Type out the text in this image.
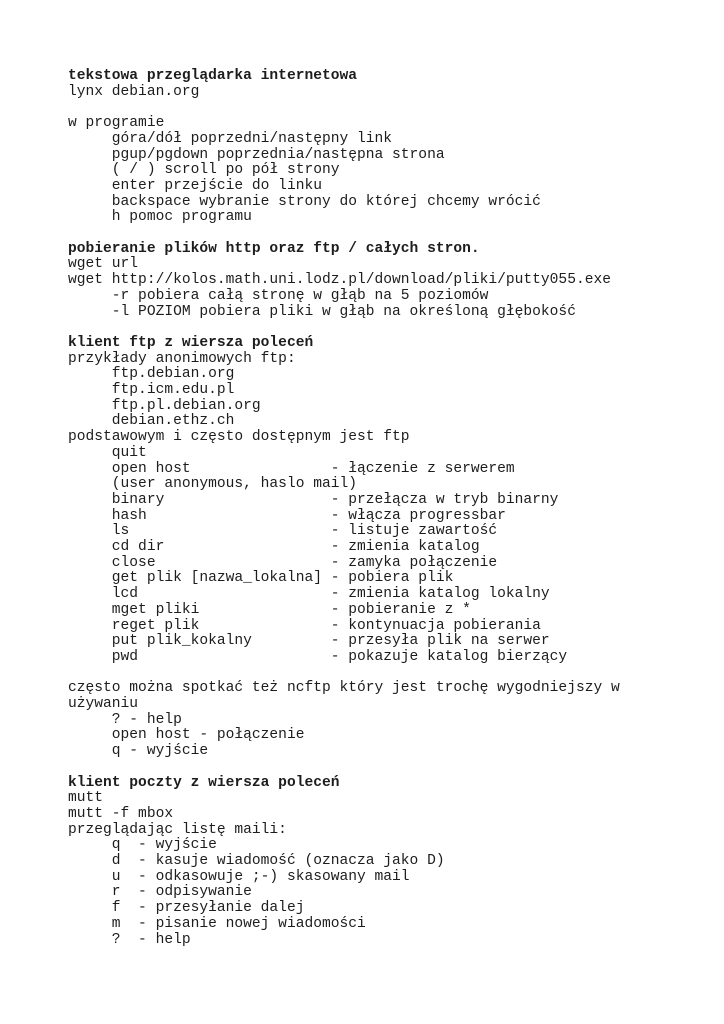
tekstowa przeglądarka internetowa
lynx debian.org
w programie
góra/dół poprzedni/następny link
pgup/pgdown poprzednia/następna strona
( / ) scroll po pół strony
enter przejście do linku
backspace wybranie strony do której chcemy wrócić
h pomoc programu
pobieranie plików http oraz ftp / całych stron.
wget url
wget http://kolos.math.uni.lodz.pl/download/pliki/putty055.exe
-r pobiera całą stronę w głąb na 5 poziomów
-l POZIOM pobiera pliki w głąb na określoną głębokość
klient ftp z wiersza poleceń
przykłady anonimowych ftp:
ftp.debian.org
ftp.icm.edu.pl
ftp.pl.debian.org
debian.ethz.ch
podstawowym i często dostępnym jest ftp
quit
open host                - łączenie z serwerem
(user anonymous, haslo mail)
binary                   - przełącza w tryb binarny
hash                     - włącza progressbar
ls                       - listuje zawartość
cd dir                   - zmienia katalog
close                    - zamyka połączenie
get plik [nazwa_lokalna] - pobiera plik
lcd                      - zmienia katalog lokalny
mget pliki               - pobieranie z *
reget plik               - kontynuacja pobierania
put plik_kokalny         - przesyła plik na serwer
pwd                      - pokazuje katalog bierzący
często można spotkać też ncftp który jest trochę wygodniejszy w
używaniu
? - help
open host - połączenie
q - wyjście
klient poczty z wiersza poleceń
mutt
mutt -f mbox
przeglądając listę maili:
q  - wyjście
d  - kasuje wiadomość (oznacza jako D)
u  - odkasowuje ;-) skasowany mail
r  - odpisywanie
f  - przesyłanie dalej
m  - pisanie nowej wiadomości
?  - help
